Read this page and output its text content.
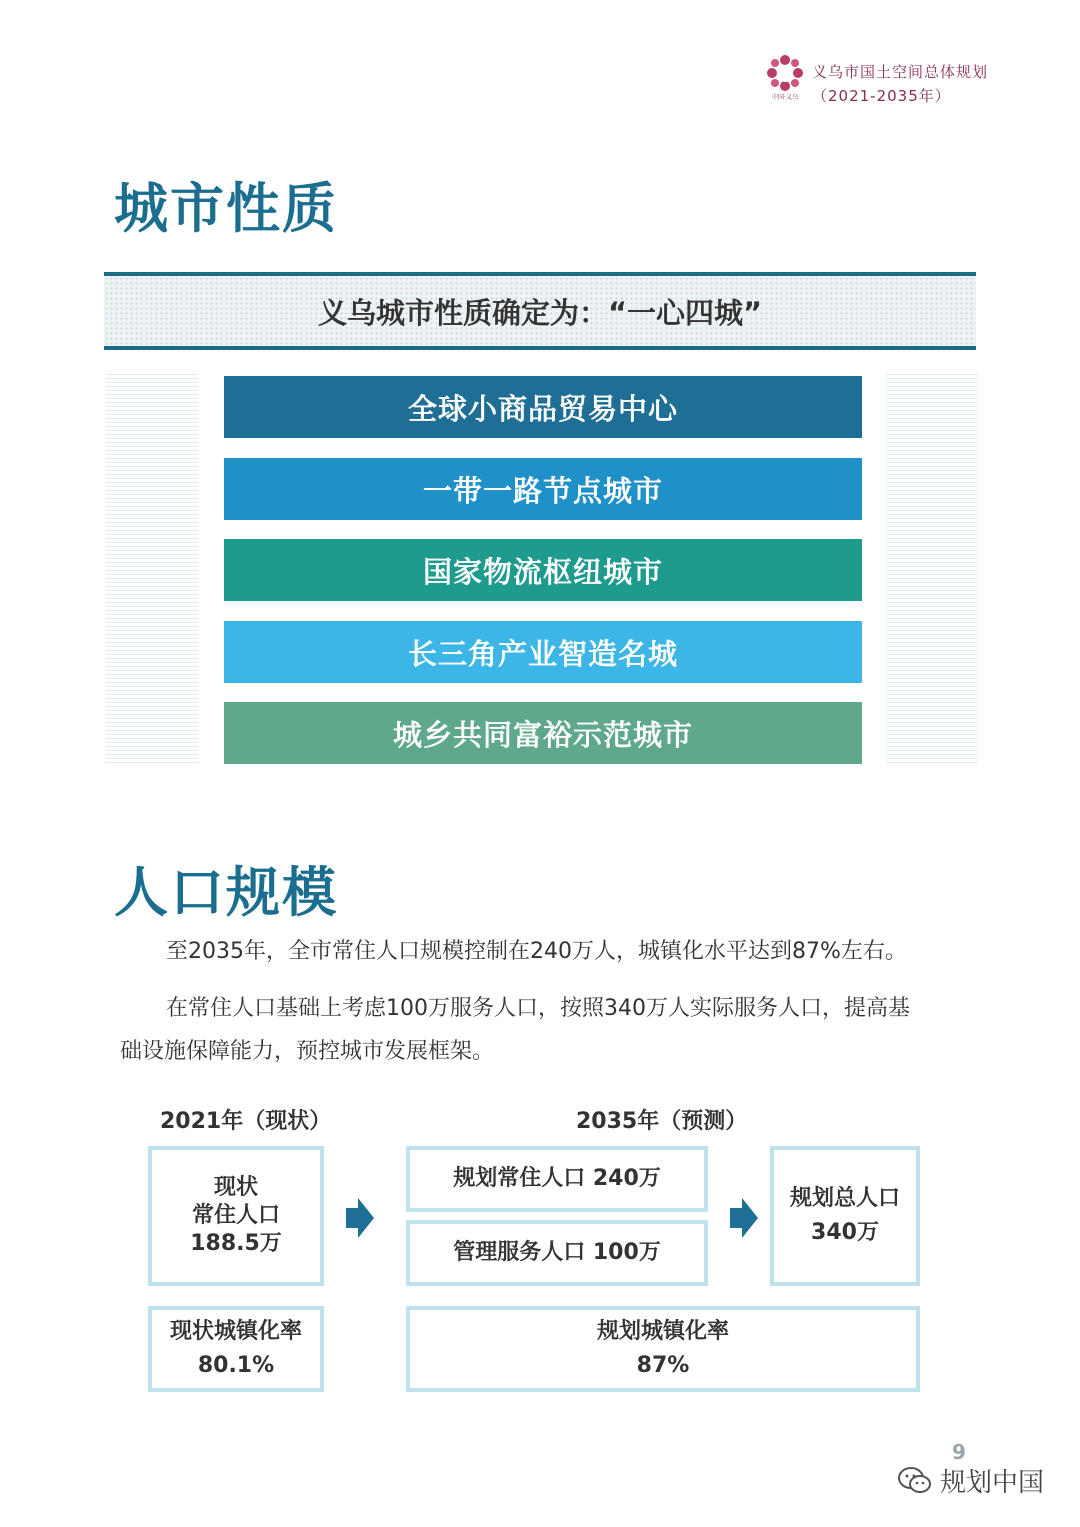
中国·义乌
义乌市国土空间总体规划
（2021-2035年）
城市性质
义乌城市性质确定为：“一心四城”
全球小商品贸易中心
一带一路节点城市
国家物流枢纽城市
长三角产业智造名城
城乡共同富裕示范城市
人口规模
至2035年，全市常住人口规模控制在240万人，城镇化水平达到87%左右。
在常住人口基础上考虑100万服务人口，按照340万人实际服务人口，提高基
础设施保障能力，预控城市发展框架。
2021年（现状）	2035年（预测）
现状
常住人口
188.5万
规划常住人口 240万
管理服务人口 100万
规划总人口
340万
现状城镇化率
80.1%
规划城镇化率
87%
9
规划中国
